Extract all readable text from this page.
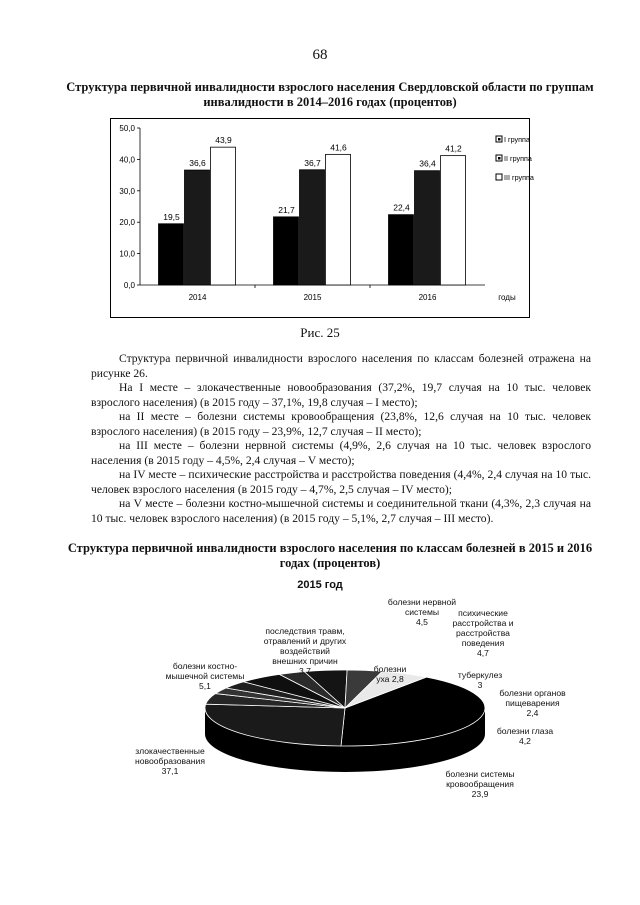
68
Структура первичной инвалидности взрослого населения Свердловской области по группам инвалидности в 2014–2016 годах (процентов)
0,0
10,0
20,0
30,0
40,0
50,0
2014	2015	2016	годы
19,5
36,6
43,9
21,7
36,7
41,6
22,4
36,4
41,2
I группа
II группа
III группа
Рис. 25

Структура первичной инвалидности взрослого населения по классам болезней отражена на рисунке 26.

На I месте – злокачественные новообразования (37,2%, 19,7 случая на 10 тыс. человек взрослого населения) (в 2015 году – 37,1%, 19,8 случая – I место);

на II месте – болезни системы кровообращения (23,8%, 12,6 случая на 10 тыс. человек взрослого населения) (в 2015 году – 23,9%, 12,7 случая – II место);

на III месте – болезни нервной системы (4,9%, 2,6 случая на 10 тыс. человек взрослого населения (в 2015 году – 4,5%, 2,4 случая – V место);

на IV месте – психические расстройства и расстройства поведения (4,4%, 2,4 случая на 10 тыс. человек взрослого населения (в 2015 году – 4,7%, 2,5 случая – IV место);

на V месте – болезни костно-мышечной системы и соединительной ткани (4,3%, 2,3 случая на 10 тыс. человек взрослого населения) (в 2015 году – 5,1%, 2,7 случая – III место).

Структура первичной инвалидности взрослого населения по классам болезней в 2015 и 2016 годах (процентов)
2015 год
болезни нервной
системы
4,5
психические
расстройства и
расстройства
поведения
4,7
последствия травм,
отравлений и других
воздействий
внешних причин
3,7
болезни костно-
мышечной системы
5,1
болезни
уха 2,8	туберкулез
3
болезни органов
пищеварения
2,4
болезни глаза
4,2
злокачественные
новообразования
37,1	болезни системы
кровообращения
23,9
